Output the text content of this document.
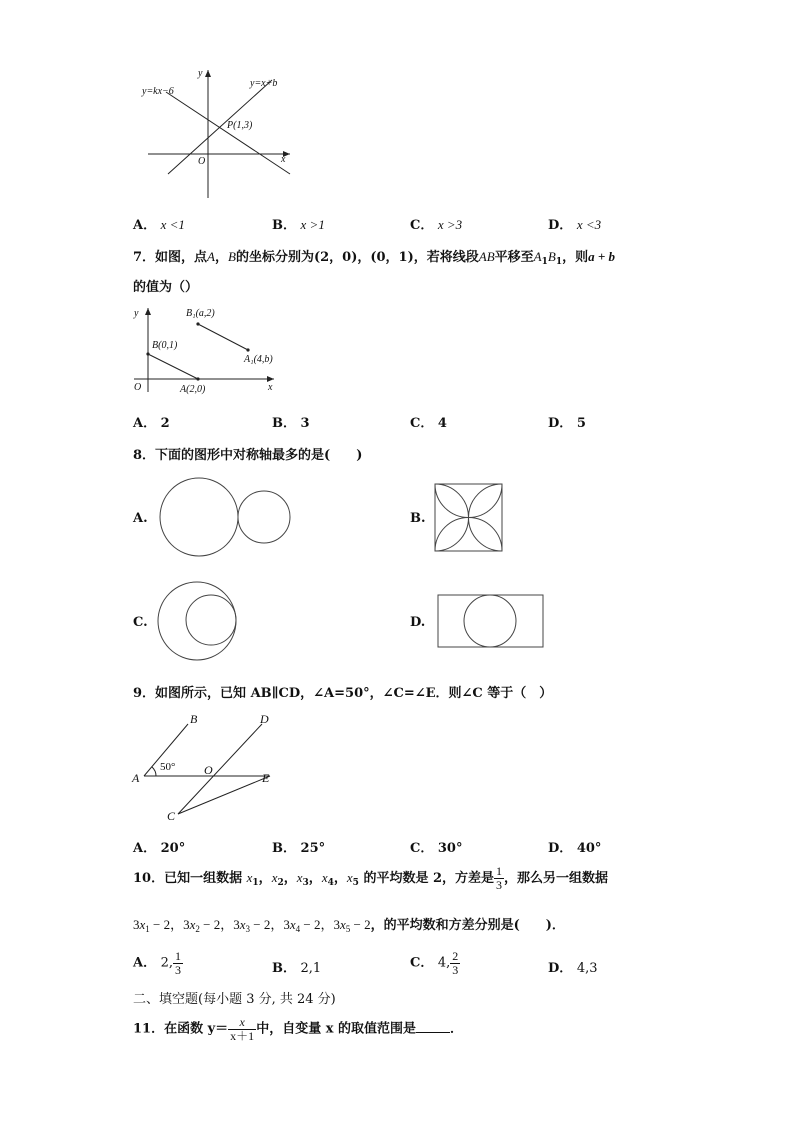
y=kx−6
y=x+b
P(1,3)
x
y
O
A． x <1	B． x >1	C． x >3	D． x <3
7．如图，点A，B的坐标分别为(2，0)，(0，1)，若将线段AB平移至$A_1B_1$，则a + b
的值为（）
y	B₁(a,2)
B(0,1)
A₁(4,b)
O	A(2,0)	x
A． 2	B． 3	C． 4	D． 5
8．下面的图形中对称轴最多的是(　　)
A.	B.
C.	D.
9．如图所示，已知 AB∥CD，∠A=50°，∠C=∠E．则∠C 等于（　）
B	D
A
O
E
C
50°
A． 20°	B． 25°	C． 30°	D． 40°
10．已知一组数据 $x_1$，$x_2$，$x_3$，$x_4$，$x_5$ 的平均数是 2，方差是 $\frac{1}{3}$ ，那么另一组数据
$3x_1 - 2$，$3x_2 - 2$，$3x_3 - 2$，$3x_4 - 2$，$3x_5 - 2$，的平均数和方差分别是(　　)．
A． 2, $\frac{1}{3}$	B． 2,1	C． 4, $\frac{2}{3}$	D． 4,3
二、填空题(每小题 3 分, 共 24 分)
11．在函数 $y= \frac{x}{x+1}$ 中，自变量 x 的取值范围是	．
